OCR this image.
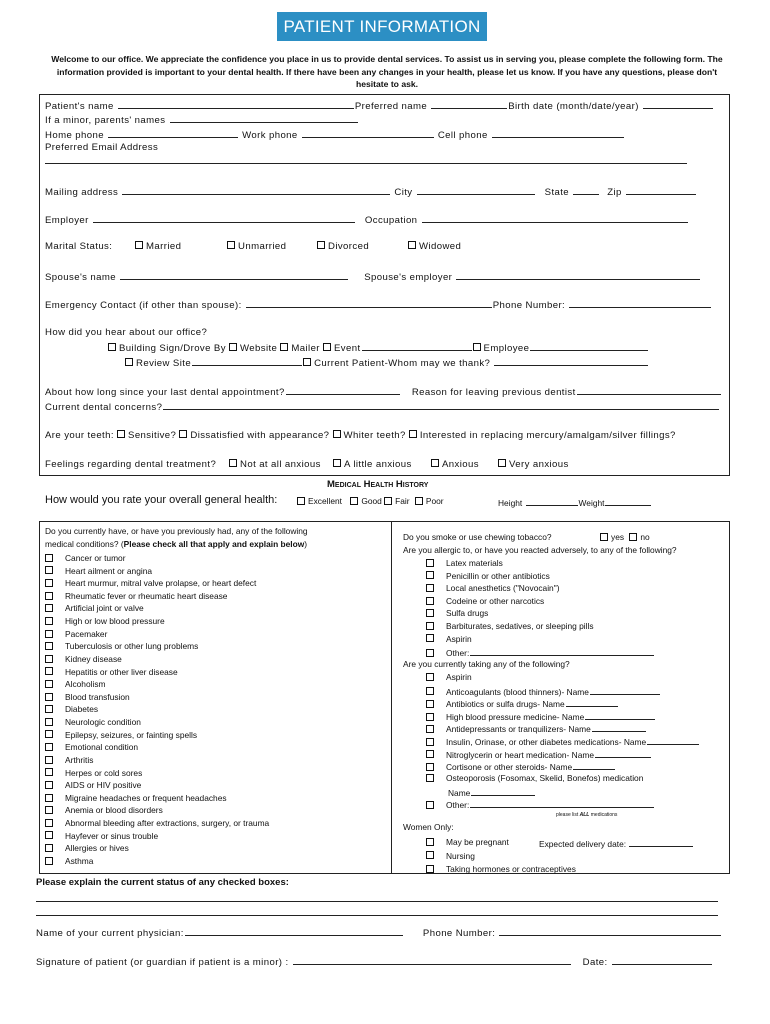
PATIENT INFORMATION
Welcome to our office. We appreciate the confidence you place in us to provide dental services. To assist us in serving you, please complete the following form. The information provided is important to your dental health. If there have been any changes in your health, please let us know. If you have any questions, please don't hesitate to ask.
Patient's name	Preferred name	Birth date (month/date/year)
If a minor, parents' names
Home phone	Work phone	Cell phone
Preferred Email Address
Mailing address	City	State	Zip
Employer	Occupation
Marital Status:	Married	Unmarried	Divorced	Widowed
Spouse's name	Spouse's employer
Emergency Contact (if other than spouse):	Phone Number:
How did you hear about our office?
Building Sign/Drove By Website Mailer Event	Employee
Review Site	Current Patient-Whom may we thank?
About how long since your last dental appointment?	Reason for leaving previous dentist
Current dental concerns?
Are your teeth: Sensitive? Dissatisfied with appearance? Whiter teeth? Interested in replacing mercury/amalgam/silver fillings?
Feelings regarding dental treatment?	Not at all anxious	A little anxious	Anxious	Very anxious
Medical Health History
How would you rate your overall general health:	Excellent Good Fair Poor	Height	Weight
Do you currently have, or have you previously had, any of the following
medical conditions? (Please check all that apply and explain below)
Cancer or tumor
Heart ailment or angina
Heart murmur, mitral valve prolapse, or heart defect
Rheumatic fever or rheumatic heart disease
Artificial joint or valve
High or low blood pressure
Pacemaker
Tuberculosis or other lung problems
Kidney disease
Hepatitis or other liver disease
Alcoholism
Blood transfusion
Diabetes
Neurologic condition
Epilepsy, seizures, or fainting spells
Emotional condition
Arthritis
Herpes or cold sores
AIDS or HIV positive
Migraine headaches or frequent headaches
Anemia or blood disorders
Abnormal bleeding after extractions, surgery, or trauma
Hayfever or sinus trouble
Allergies or hives
Asthma
Do you smoke or use chewing tobacco?	yes no
Are you allergic to, or have you reacted adversely, to any of the following?
Latex materials
Penicillin or other antibiotics
Local anesthetics ("Novocain")
Codeine or other narcotics
Sulfa drugs
Barbiturates, sedatives, or sleeping pills
Aspirin
Other:
Are you currently taking any of the following?
Aspirin
Anticoagulants (blood thinners)- Name
Antibiotics or sulfa drugs- Name
High blood pressure medicine- Name
Antidepressants or tranquilizers- Name
Insulin, Orinase, or other diabetes medications- Name
Nitroglycerin or heart medication- Name
Cortisone or other steroids- Name
Osteoporosis (Fosomax, Skelid, Bonefos) medication
Other:
Name
please list ALL medications
Women Only:
May be pregnant
Nursing
Taking hormones or contraceptives
Expected delivery date:
Please explain the current status of any checked boxes:
Name of your current physician:	Phone Number:
Signature of patient (or guardian if patient is a minor) :	Date:
